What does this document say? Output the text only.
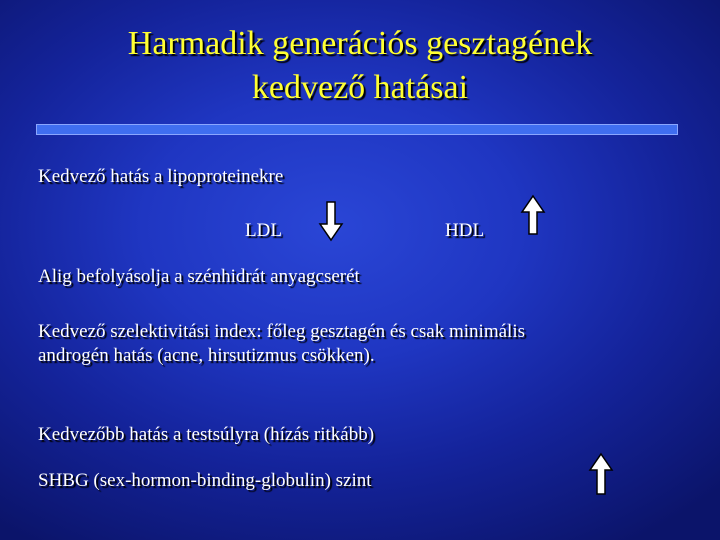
Harmadik generációs gesztagének
kedvező hatásai
Kedvező hatás a lipoproteinekre
LDL	HDL
Alig befolyásolja a szénhidrát anyagcserét
Kedvező szelektivitási index: főleg gesztagén és csak minimális
androgén hatás (acne, hirsutizmus csökken).
Kedvezőbb hatás a testsúlyra (hízás ritkább)
SHBG (sex-hormon-binding-globulin) szint
